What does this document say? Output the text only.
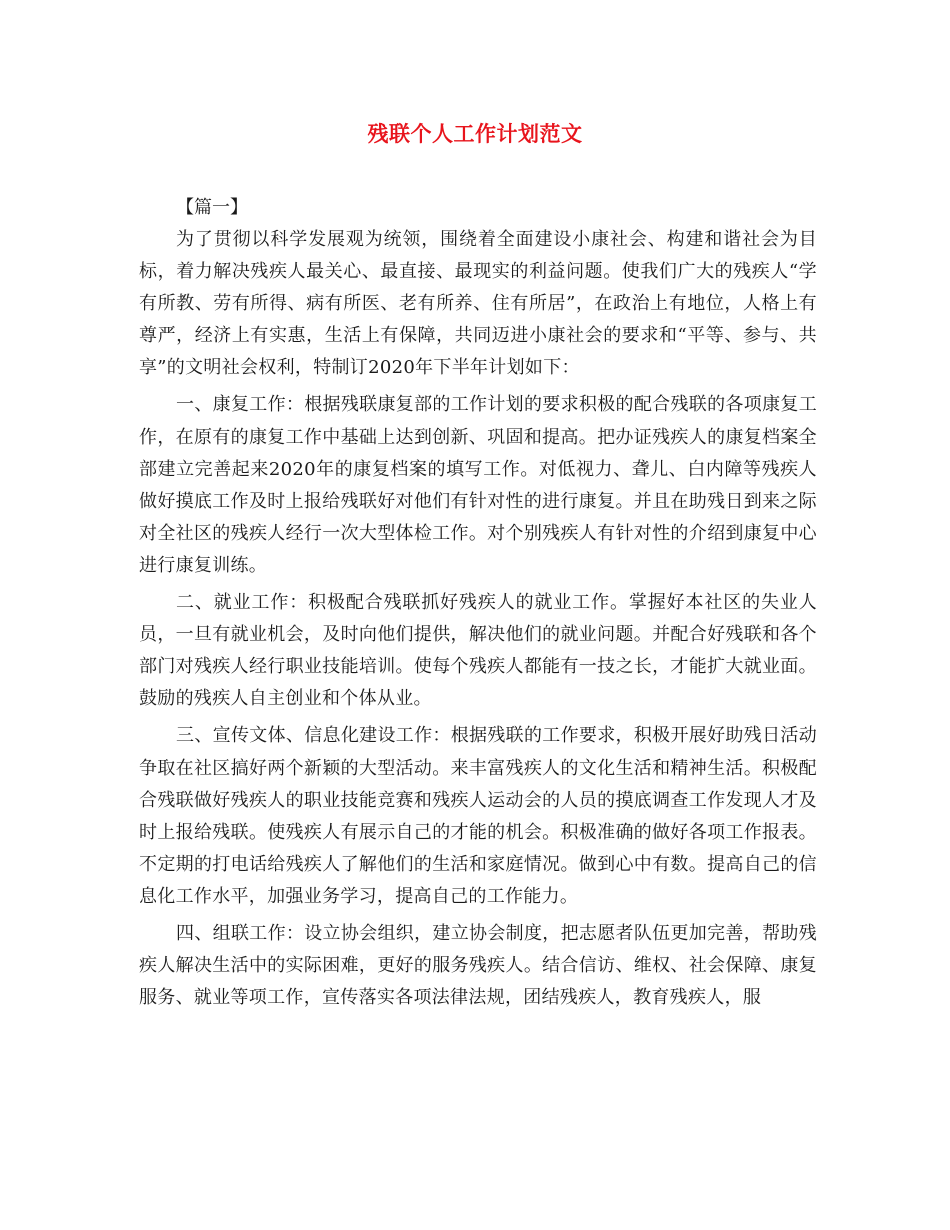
残联个人工作计划范文
【篇一】

为了贯彻以科学发展观为统领，围绕着全面建设小康社会、构建和谐社会为目标，着力解决残疾人最关心、最直接、最现实的利益问题。使我们广大的残疾人“学有所教、劳有所得、病有所医、老有所养、住有所居”，在政治上有地位，人格上有尊严，经济上有实惠，生活上有保障，共同迈进小康社会的要求和“平等、参与、共享”的文明社会权利，特制订2020年下半年计划如下：

一、康复工作：根据残联康复部的工作计划的要求积极的配合残联的各项康复工作，在原有的康复工作中基础上达到创新、巩固和提高。把办证残疾人的康复档案全部建立完善起来2020年的康复档案的填写工作。对低视力、聋儿、白内障等残疾人做好摸底工作及时上报给残联好对他们有针对性的进行康复。并且在助残日到来之际对全社区的残疾人经行一次大型体检工作。对个别残疾人有针对性的介绍到康复中心进行康复训练。

二、就业工作：积极配合残联抓好残疾人的就业工作。掌握好本社区的失业人员，一旦有就业机会，及时向他们提供，解决他们的就业问题。并配合好残联和各个部门对残疾人经行职业技能培训。使每个残疾人都能有一技之长，才能扩大就业面。鼓励的残疾人自主创业和个体从业。

三、宣传文体、信息化建设工作：根据残联的工作要求，积极开展好助残日活动争取在社区搞好两个新颖的大型活动。来丰富残疾人的文化生活和精神生活。积极配合残联做好残疾人的职业技能竞赛和残疾人运动会的人员的摸底调查工作发现人才及时上报给残联。使残疾人有展示自己的才能的机会。积极准确的做好各项工作报表。不定期的打电话给残疾人了解他们的生活和家庭情况。做到心中有数。提高自己的信息化工作水平，加强业务学习，提高自己的工作能力。

四、组联工作：设立协会组织，建立协会制度，把志愿者队伍更加完善，帮助残疾人解决生活中的实际困难，更好的服务残疾人。结合信访、维权、社会保障、康复服务、就业等项工作，宣传落实各项法律法规，团结残疾人，教育残疾人，服
